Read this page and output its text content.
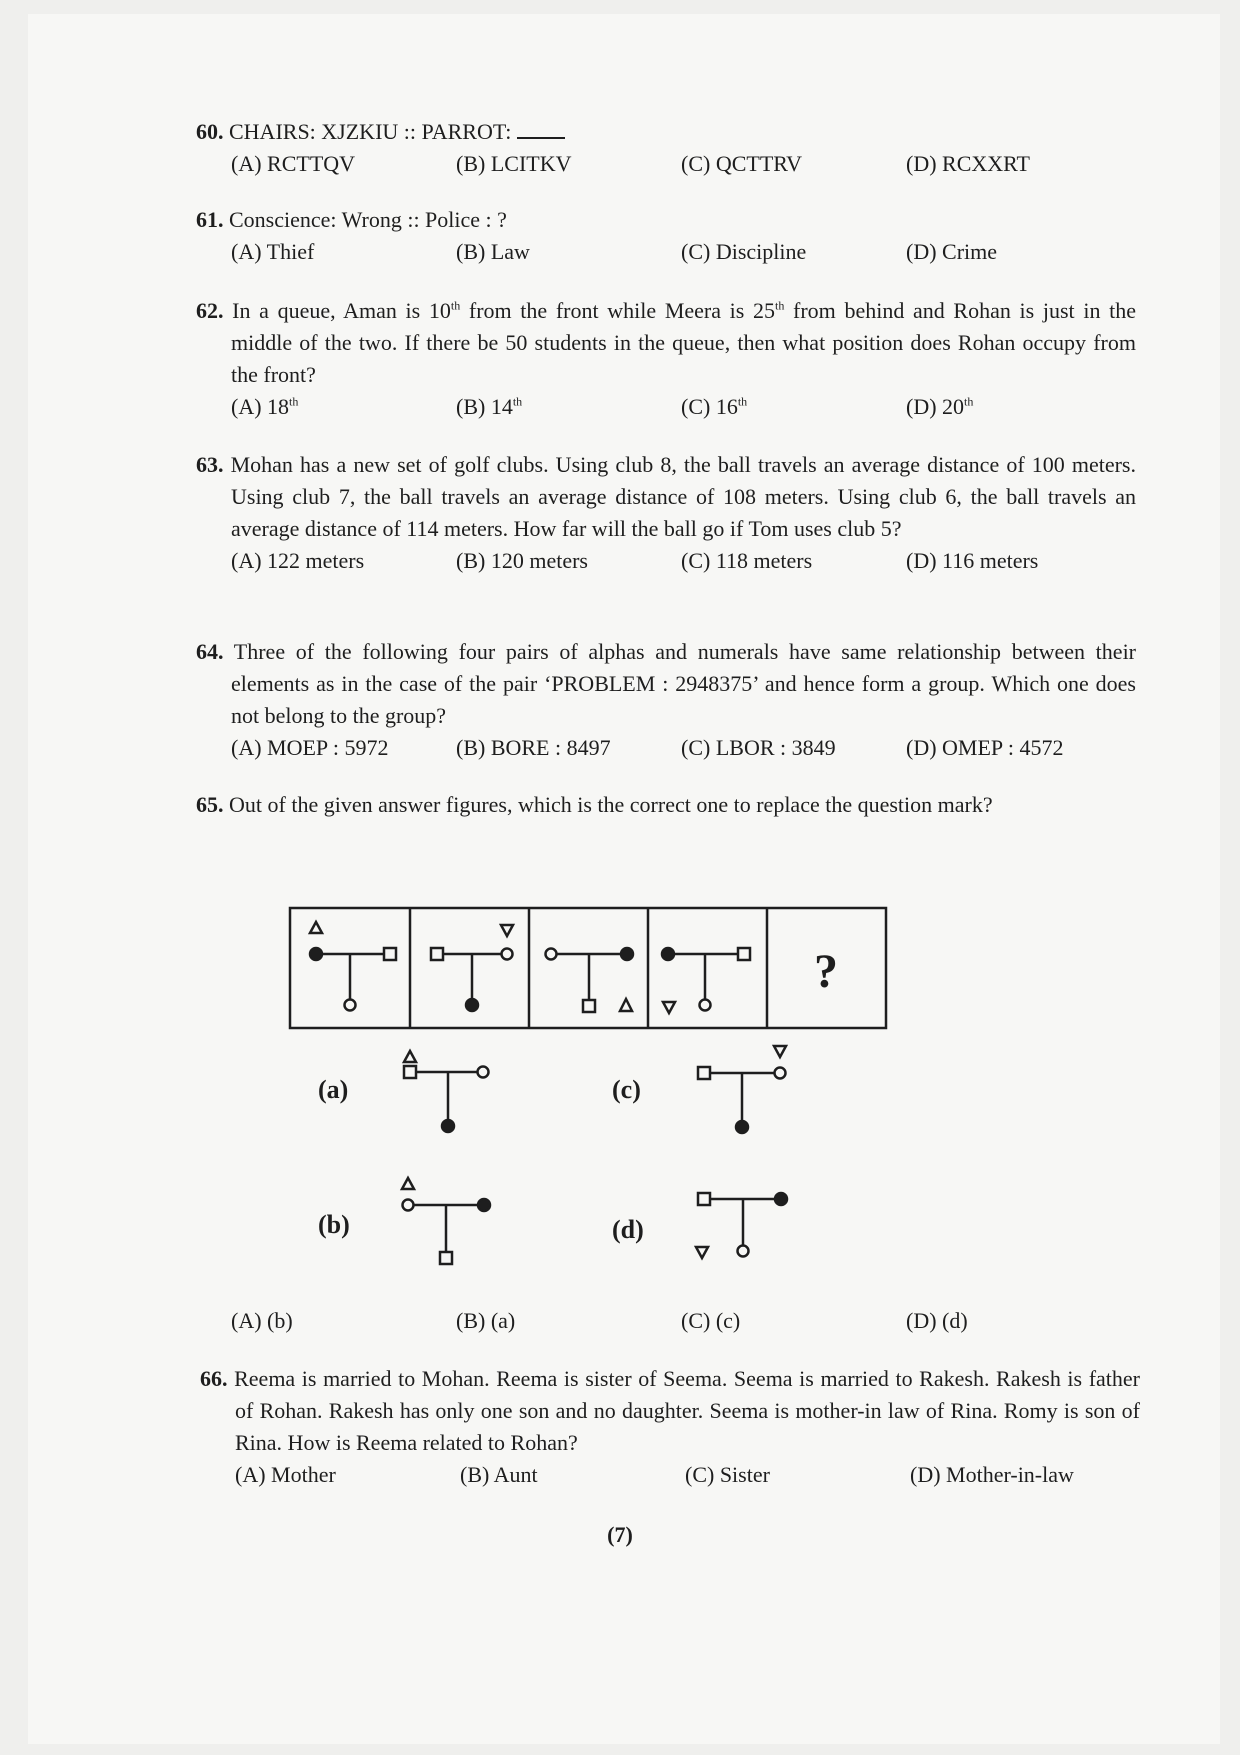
60. CHAIRS: XJZKIU :: PARROT:

(A) RCTTQV	(B) LCITKV	(C) QCTTRV	(D) RCXXRT

61. Conscience: Wrong :: Police : ?

(A) Thief	(B) Law	(C) Discipline	(D) Crime

62. In a queue, Aman is 10th from the front while Meera is 25th from behind and Rohan is just in the middle of the two. If there be 50 students in the queue, then what position does Rohan occupy from the front?

(A) 18th	(B) 14th	(C) 16th	(D) 20th

63. Mohan has a new set of golf clubs. Using club 8, the ball travels an average distance of 100 meters. Using club 7, the ball travels an average distance of 108 meters. Using club 6, the ball travels an average distance of 114 meters. How far will the ball go if Tom uses club 5?

(A) 122 meters	(B) 120 meters	(C) 118 meters	(D) 116 meters

64. Three of the following four pairs of alphas and numerals have same relationship between their elements as in the case of the pair ‘PROBLEM : 2948375’ and hence form a group. Which one does not belong to the group?

(A) MOEP : 5972	(B) BORE : 8497	(C) LBOR : 3849	(D) OMEP : 4572

65. Out of the given answer figures, which is the correct one to replace the question mark?

?
(a)
(b)
(c)
(d)
(A) (b)	(B) (a)	(C) (c)	(D) (d)

66. Reema is married to Mohan. Reema is sister of Seema. Seema is married to Rakesh. Rakesh is father of Rohan. Rakesh has only one son and no daughter. Seema is mother-in law of Rina. Romy is son of Rina. How is Reema related to Rohan?

(A) Mother	(B) Aunt	(C) Sister	(D) Mother-in-law
(7)
